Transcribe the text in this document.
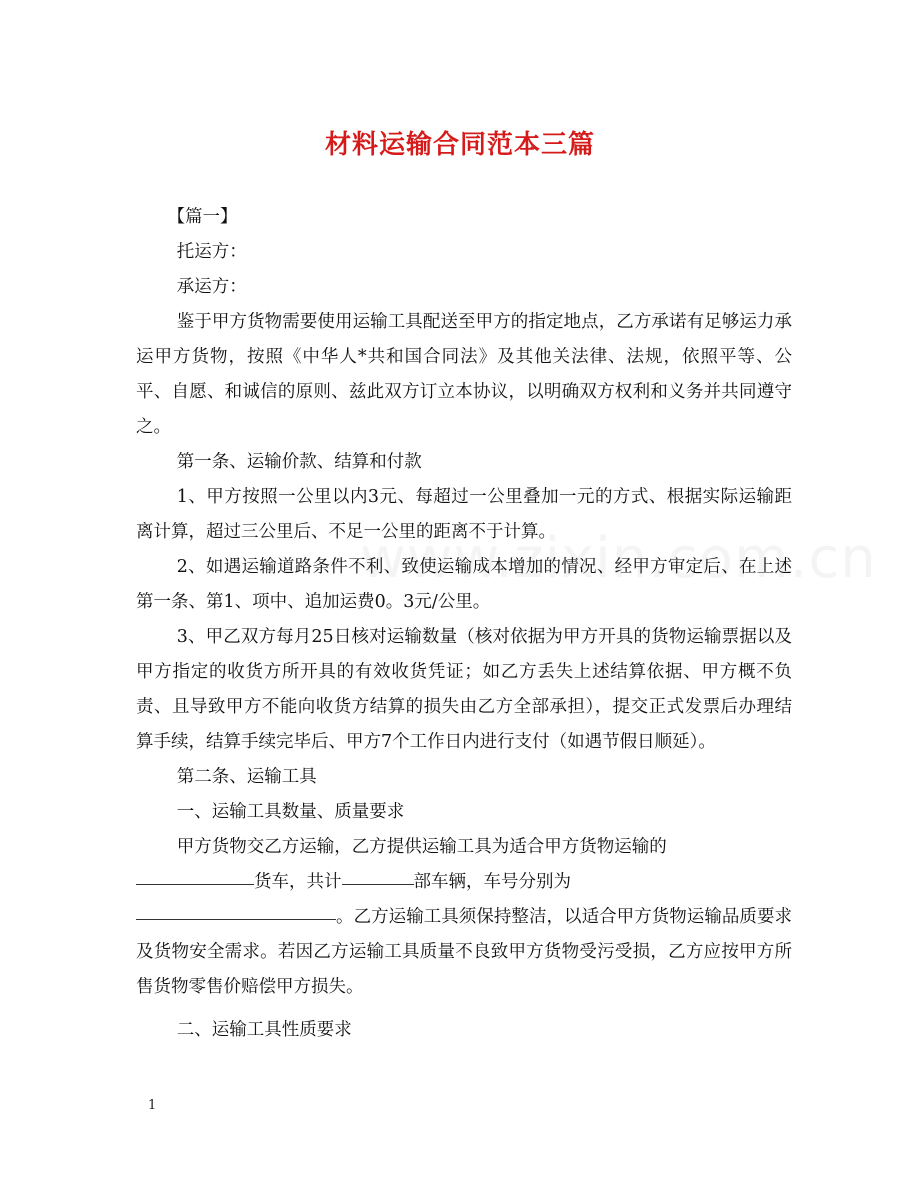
材料运输合同范本三篇

【篇一】

托运方：

承运方：

鉴于甲方货物需要使用运输工具配送至甲方的指定地点，乙方承诺有足够运力承运甲方货物，按照《中华人*共和国合同法》及其他关法律、法规，依照平等、公平、自愿、和诚信的原则、兹此双方订立本协议，以明确双方权利和义务并共同遵守之。

第一条、运输价款、结算和付款

1、甲方按照一公里以内3元、每超过一公里叠加一元的方式、根据实际运输距离计算，超过三公里后、不足一公里的距离不于计算。

2、如遇运输道路条件不利、致使运输成本增加的情况、经甲方审定后、在上述第一条、第1、项中、追加运费0。3元/公里。

3、甲乙双方每月25日核对运输数量（核对依据为甲方开具的货物运输票据以及甲方指定的收货方所开具的有效收货凭证；如乙方丢失上述结算依据、甲方概不负责、且导致甲方不能向收货方结算的损失由乙方全部承担），提交正式发票后办理结算手续，结算手续完毕后、甲方7个工作日内进行支付（如遇节假日顺延）。

第二条、运输工具

一、运输工具数量、质量要求

甲方货物交乙方运输，乙方提供运输工具为适合甲方货物运输的

货车，共计	部车辆，车号分别为

。乙方运输工具须保持整洁，以适合甲方货物运输品质要求及货物安全需求。若因乙方运输工具质量不良致甲方货物受污受损，乙方应按甲方所售货物零售价赔偿甲方损失。

二、运输工具性质要求

1
